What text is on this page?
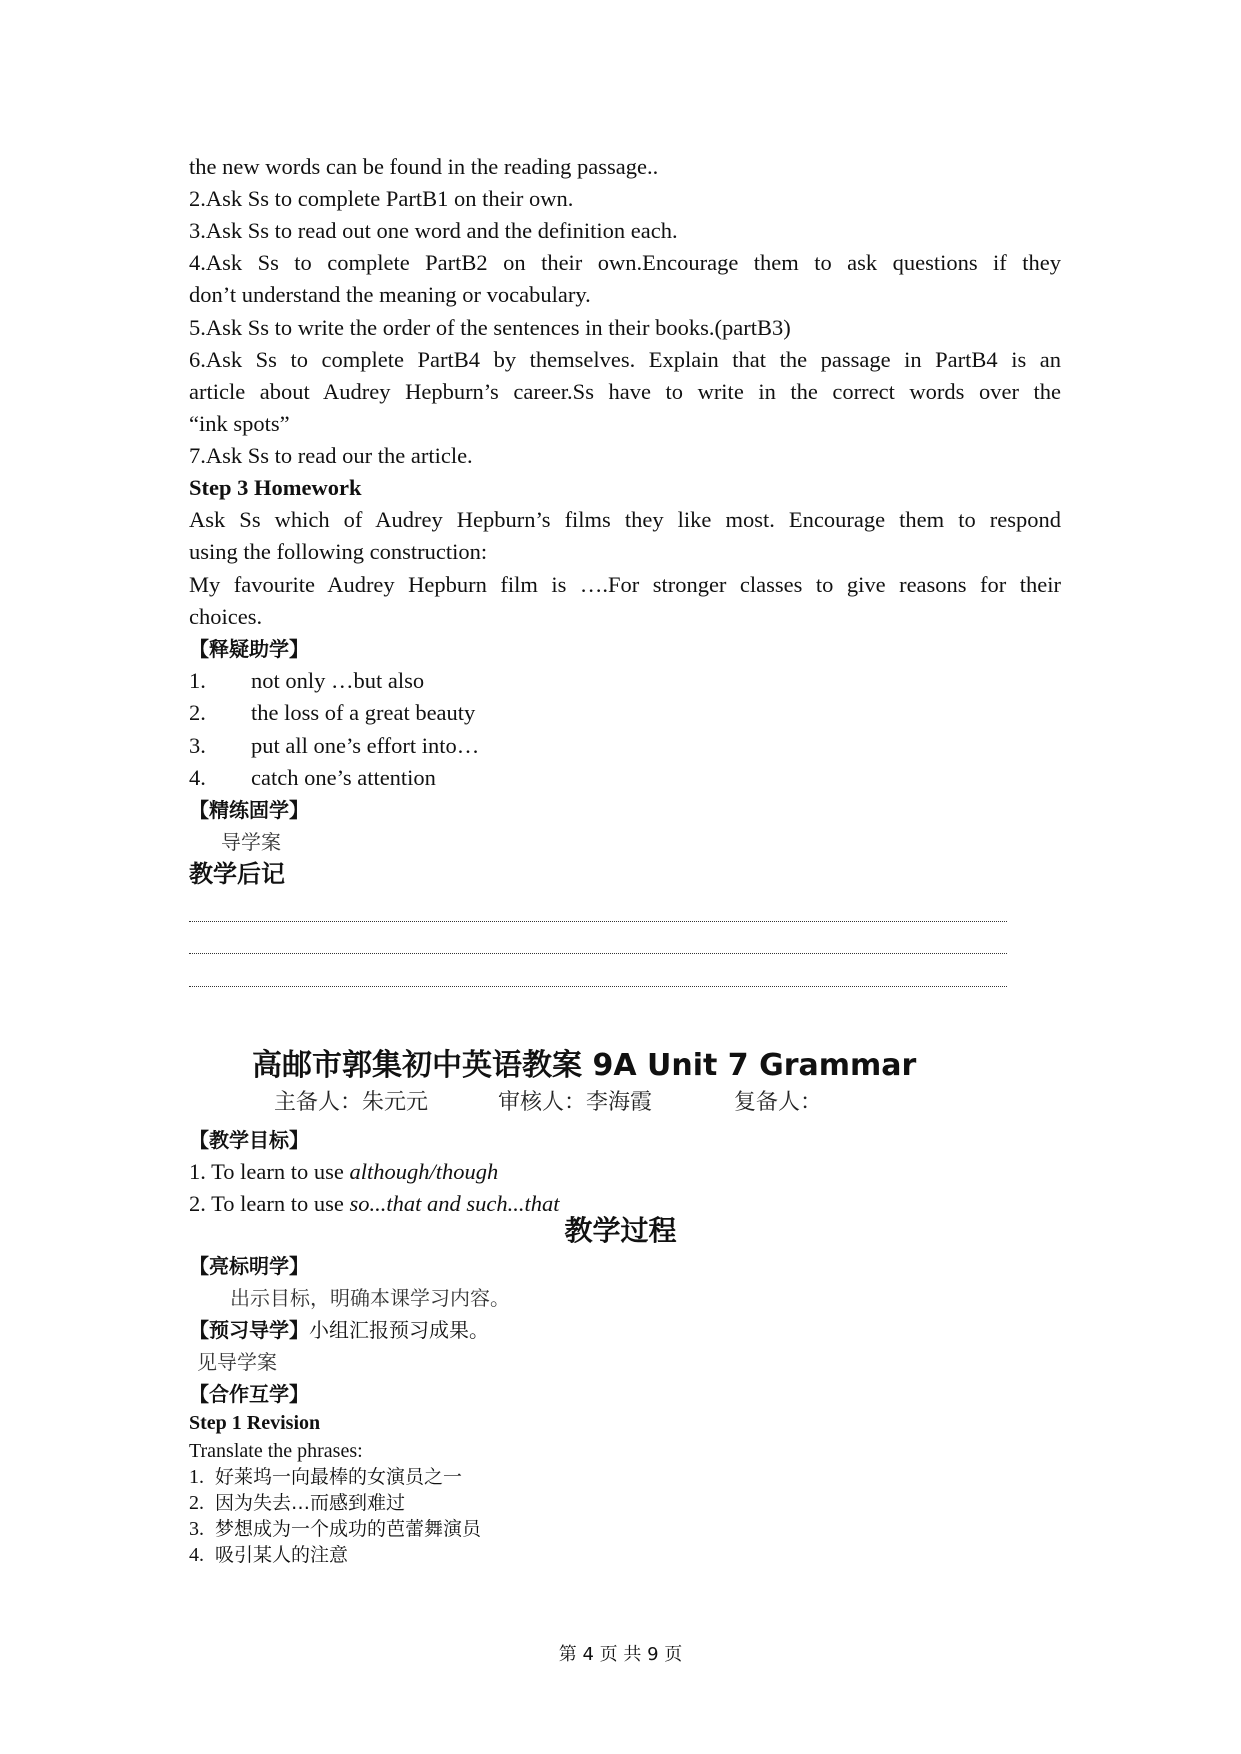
the new words can be found in the reading passage..
2.Ask Ss to complete PartB1 on their own.
3.Ask Ss to read out one word and the definition each.
4.Ask Ss to complete PartB2 on their own.Encourage them to ask questions if they
don’t understand the meaning or vocabulary.
5.Ask Ss to write the order of the sentences in their books.(partB3)
6.Ask Ss to complete PartB4 by themselves. Explain that the passage in PartB4 is an
article about Audrey Hepburn’s career.Ss have to write in the correct words over the
“ink spots”
7.Ask Ss to read our the article.
Step 3 Homework
Ask Ss which of Audrey Hepburn’s films they like most. Encourage them to respond
using the following construction:
My favourite Audrey Hepburn film is ….For stronger classes to give reasons for their
choices.
【释疑助学】
1. not only …but also
2. the loss of a great beauty
3. put all one’s effort into…
4. catch one’s attention
【精练固学】
导学案
教学后记
高邮市郭集初中英语教案 9A Unit 7 Grammar
主备人：朱元元	审核人：李海霞	复备人：
【教学目标】
1. To learn to use although/though
2. To learn to use so...that and such...that
教学过程
【亮标明学】
出示目标，明确本课学习内容。
【预习导学】小组汇报预习成果。
见导学案
【合作互学】
Step 1 Revision
Translate the phrases:
1. 好莱坞一向最棒的女演员之一
2. 因为失去…而感到难过
3. 梦想成为一个成功的芭蕾舞演员
4. 吸引某人的注意
第 4 页 共 9 页
